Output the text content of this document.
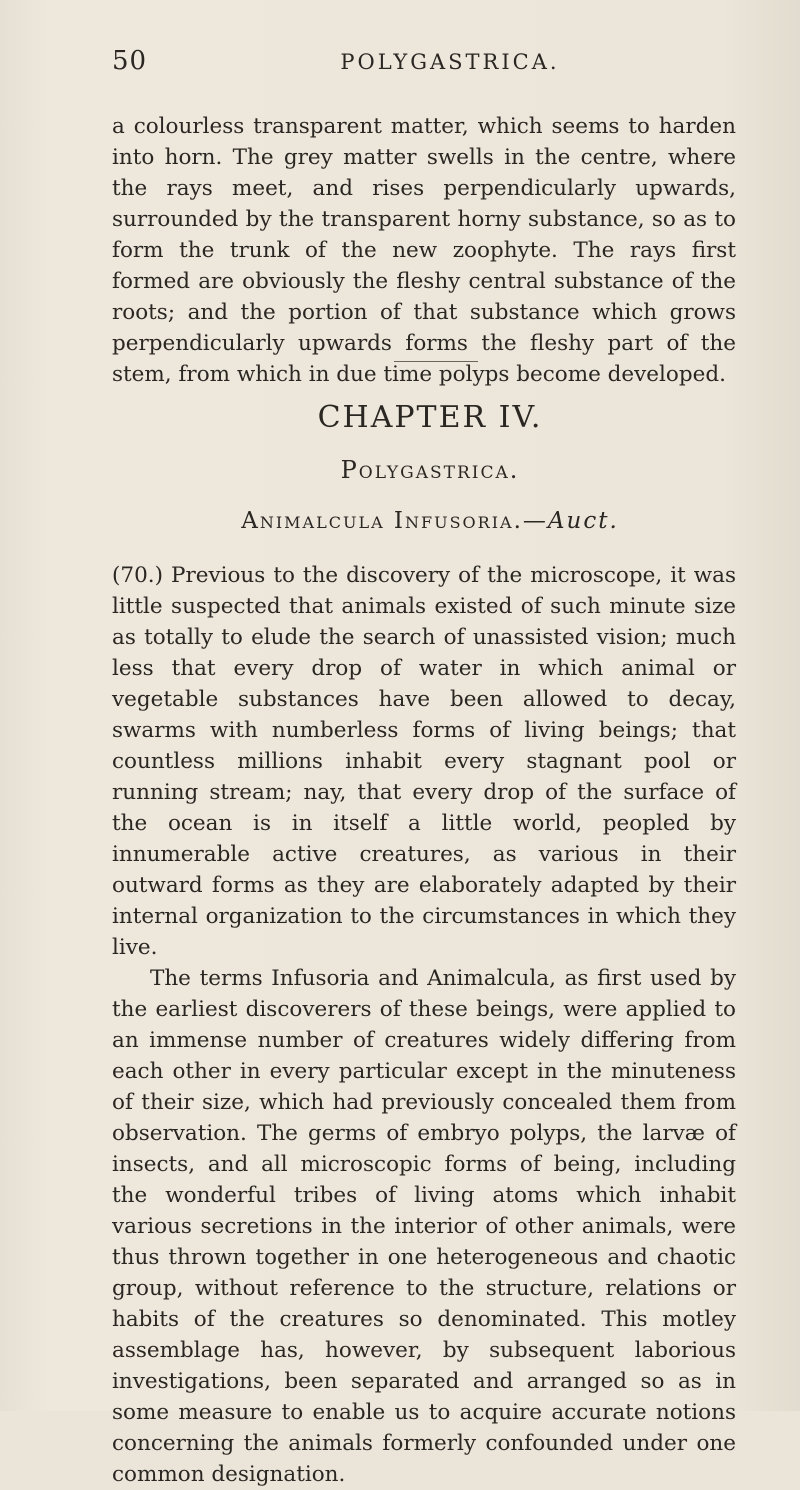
50	POLYGASTRICA.

a colourless transparent matter, which seems to harden into horn. The grey matter swells in the centre, where the rays meet, and rises perpendicularly upwards, surrounded by the transparent horny substance, so as to form the trunk of the new zoophyte. The rays first formed are obviously the fleshy central substance of the roots; and the portion of that substance which grows perpendicularly upwards forms the fleshy part of the stem, from which in due time polyps become developed.

CHAPTER IV.
Polygastrica.
Animalcula Infusoria.—Auct.

(70.) Previous to the discovery of the microscope, it was little suspected that animals existed of such minute size as totally to elude the search of unassisted vision; much less that every drop of water in which animal or vegetable substances have been allowed to decay, swarms with numberless forms of living beings; that countless millions inhabit every stagnant pool or running stream; nay, that every drop of the surface of the ocean is in itself a little world, peopled by innumerable active creatures, as various in their outward forms as they are elaborately adapted by their internal organization to the circumstances in which they live.

The terms Infusoria and Animalcula, as first used by the earliest discoverers of these beings, were applied to an immense number of creatures widely differing from each other in every particular except in the minuteness of their size, which had previously concealed them from observation. The germs of embryo polyps, the larvæ of insects, and all microscopic forms of being, including the wonderful tribes of living atoms which inhabit various secretions in the interior of other animals, were thus thrown together in one heterogeneous and chaotic group, without reference to the structure, relations or habits of the creatures so denominated. This motley assemblage has, however, by subsequent laborious investigations, been separated and arranged so as in some measure to enable us to acquire accurate notions concerning the animals formerly confounded under one common designation.
